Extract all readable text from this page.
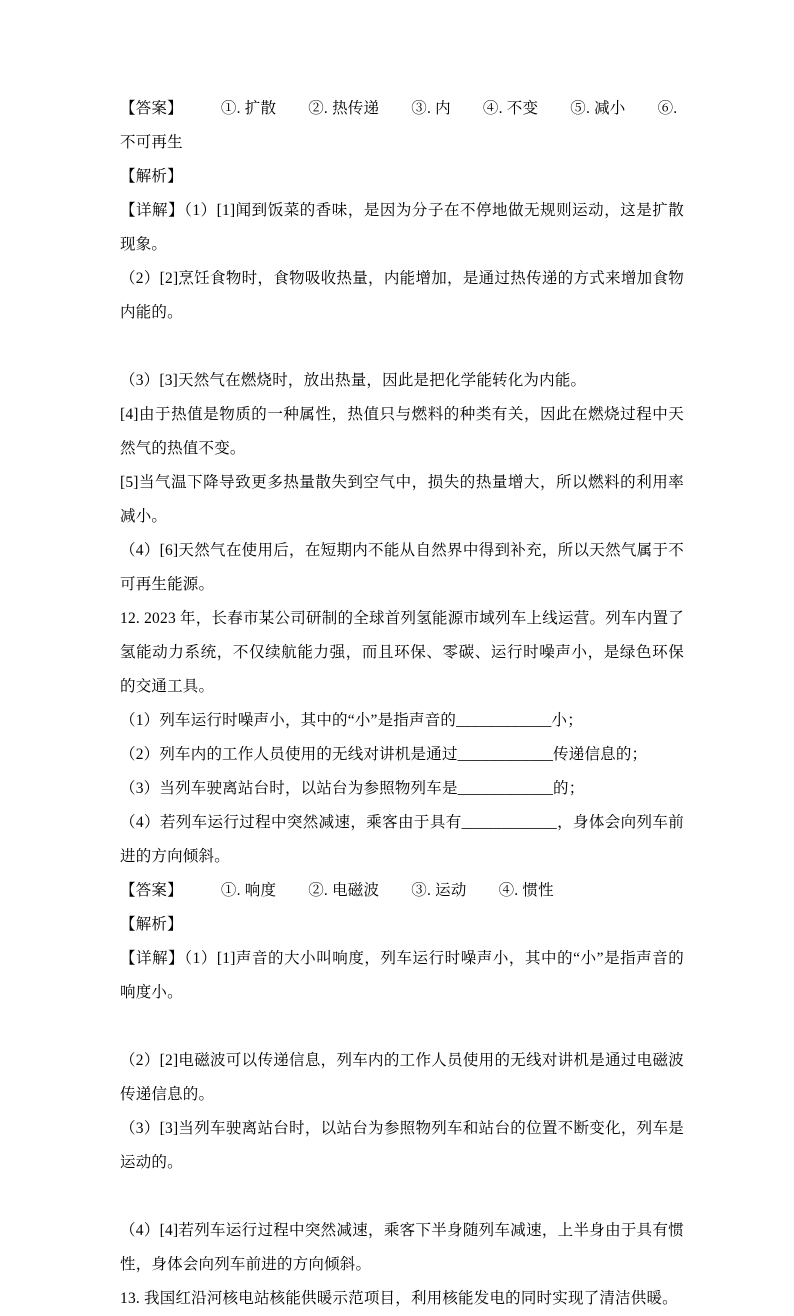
【答案】 ①. 扩散 ②. 热传递 ③. 内 ④. 不变 ⑤. 减小 ⑥. 不可再生

【解析】

【详解】（1）[1]闻到饭菜的香味，是因为分子在不停地做无规则运动，这是扩散现象。

（2）[2]烹饪食物时，食物吸收热量，内能增加，是通过热传递的方式来增加食物内能的。

（3）[3]天然气在燃烧时，放出热量，因此是把化学能转化为内能。

[4]由于热值是物质的一种属性，热值只与燃料的种类有关，因此在燃烧过程中天然气的热值不变。

[5]当气温下降导致更多热量散失到空气中，损失的热量增大，所以燃料的利用率减小。

（4）[6]天然气在使用后，在短期内不能从自然界中得到补充，所以天然气属于不可再生能源。

12. 2023 年，长春市某公司研制的全球首列氢能源市域列车上线运营。列车内置了氢能动力系统，不仅续航能力强，而且环保、零碳、运行时噪声小，是绿色环保的交通工具。

（1）列车运行时噪声小，其中的“小”是指声音的____________小；

（2）列车内的工作人员使用的无线对讲机是通过____________传递信息的；

（3）当列车驶离站台时，以站台为参照物列车是____________的；

（4）若列车运行过程中突然减速，乘客由于具有____________，身体会向列车前进的方向倾斜。

【答案】 ①. 响度 ②. 电磁波 ③. 运动 ④. 惯性

【解析】

【详解】（1）[1]声音的大小叫响度，列车运行时噪声小，其中的“小”是指声音的响度小。

（2）[2]电磁波可以传递信息，列车内的工作人员使用的无线对讲机是通过电磁波传递信息的。

（3）[3]当列车驶离站台时，以站台为参照物列车和站台的位置不断变化，列车是运动的。

（4）[4]若列车运行过程中突然减速，乘客下半身随列车减速，上半身由于具有惯性，身体会向列车前进的方向倾斜。

13. 我国红沿河核电站核能供暖示范项目，利用核能发电的同时实现了清洁供暖。
